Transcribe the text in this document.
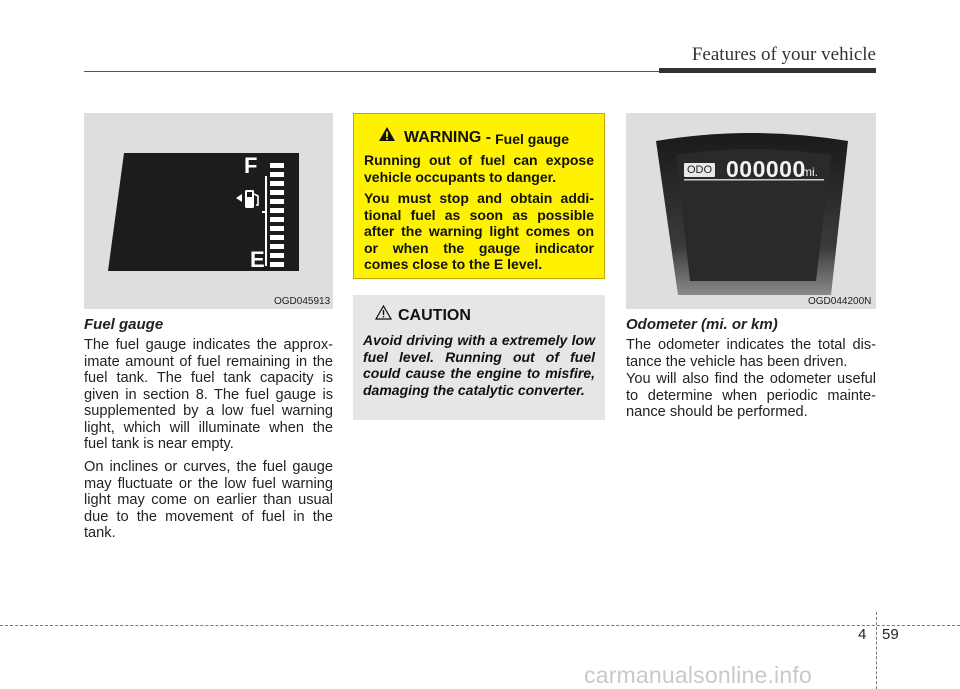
Features of your vehicle
F
E
OGD045913
Fuel gauge

The fuel gauge indicates the approx-imate amount of fuel remaining in the fuel tank. The fuel tank capacity is given in section 8. The fuel gauge is supplemented by a low fuel warning light, which will illuminate when the fuel tank is near empty.

On inclines or curves, the fuel gauge may fluctuate or the low fuel warning light may come on earlier than usual due to the movement of fuel in the tank.

WARNING - Fuel gauge

Running out of fuel can expose vehicle occupants to danger.

You must stop and obtain addi-tional fuel as soon as possible after the warning light comes on or when the gauge indicator comes close to the E level.

CAUTION

Avoid driving with a extremely low fuel level. Running out of fuel could cause the engine to misfire, damaging the catalytic converter.

ODO 000000
mi.
OGD044200N
Odometer (mi. or km)

The odometer indicates the total dis-tance the vehicle has been driven.

You will also find the odometer useful to determine when periodic mainte-nance should be performed.

4 59
carmanualsonline.info
